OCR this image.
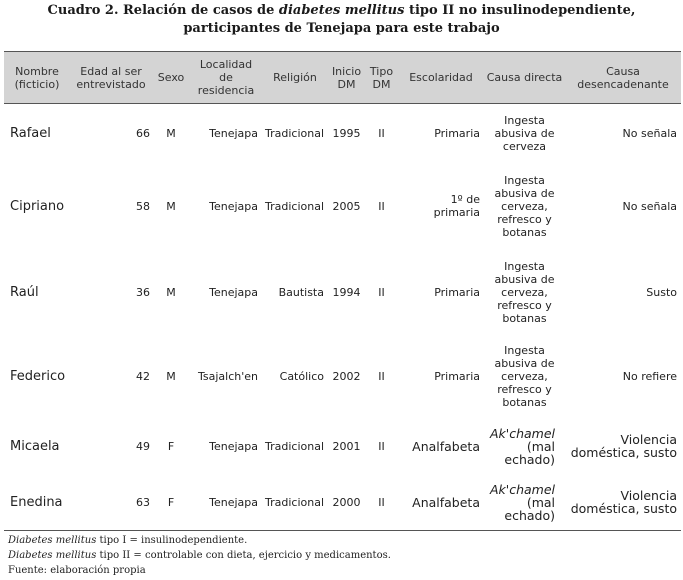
Cuadro 2. Relación de casos de diabetes mellitus tipo II no insulinodependiente,
participantes de Tenejapa para este trabajo
Nombre (ficticio)	Edad al ser entrevistado	Sexo	Localidad de residencia	Religión	Inicio DM	Tipo DM	Escolaridad	Causa directa	Causa desencadenante
Rafael	66	M	Tenejapa	Tradicional	1995	II	Primaria	Ingesta abusiva de cerveza	No señala
Cipriano	58	M	Tenejapa	Tradicional	2005	II	1º de primaria	Ingesta abusiva de cerveza, refresco y botanas	No señala
Raúl	36	M	Tenejapa	Bautista	1994	II	Primaria	Ingesta abusiva de cerveza, refresco y botanas	Susto
Federico	42	M	Tsajalch'en	Católico	2002	II	Primaria	Ingesta abusiva de cerveza, refresco y botanas	No refiere
Micaela	49	F	Tenejapa	Tradicional	2001	II	Analfabeta	Ak'chamel (mal echado)	Violencia doméstica, susto
Enedina	63	F	Tenejapa	Tradicional	2000	II	Analfabeta	Ak'chamel (mal echado)	Violencia doméstica, susto
Diabetes mellitus tipo I = insulinodependiente.
Diabetes mellitus tipo II = controlable con dieta, ejercicio y medicamentos.
Fuente: elaboración propia
